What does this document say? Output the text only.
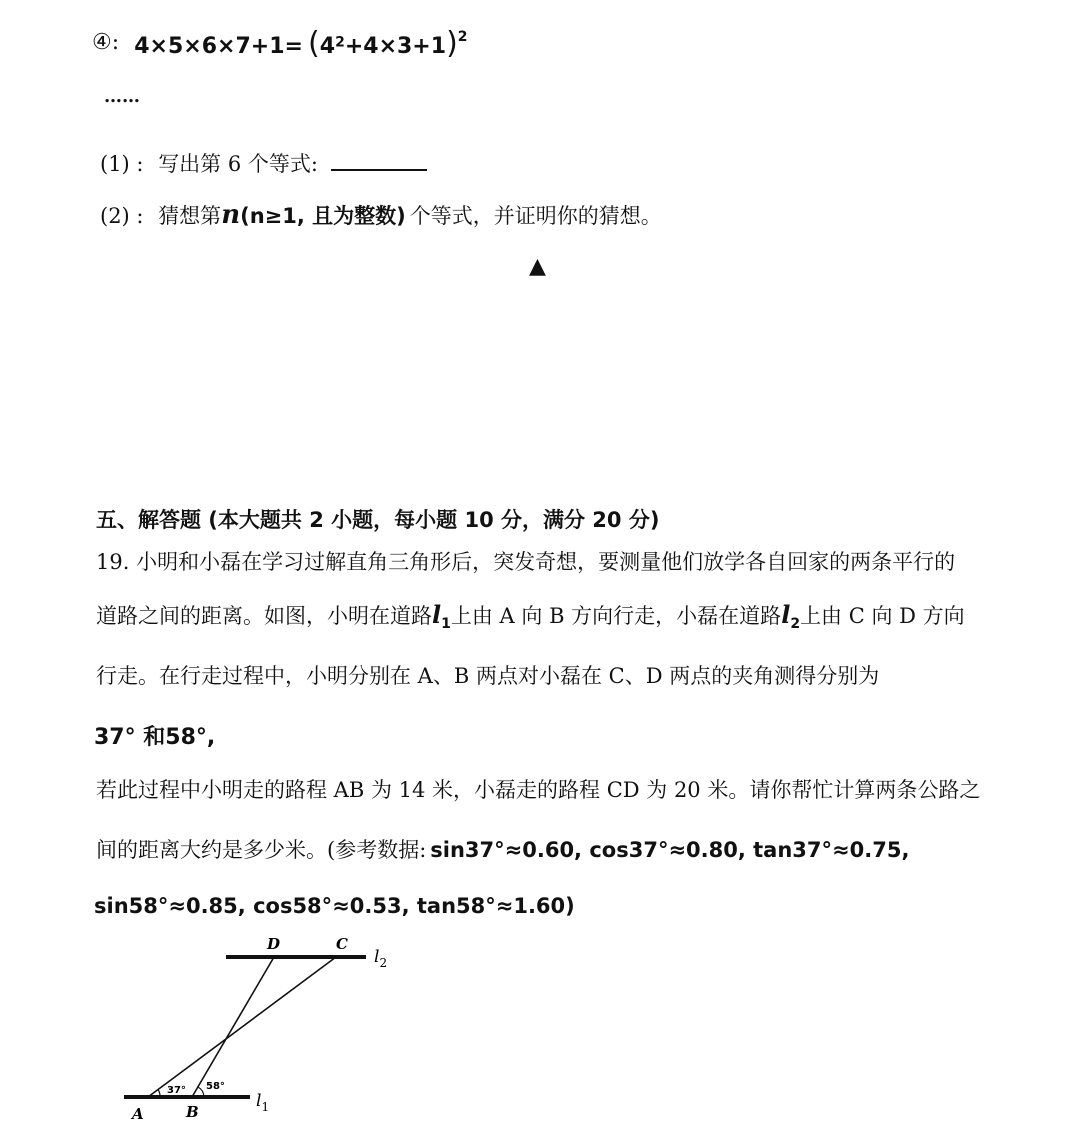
④: $4\times 5\times 6\times 7+1= (4^2+4\times 3+1)^2$
……
(1) : 写出第 6 个等式:
(2) : 猜想第n(n≥1, 且为整数) 个等式，并证明你的猜想。
▲
五、解答题 (本大题共 2 小题，每小题 10 分，满分 20 分)
19. 小明和小磊在学习过解直角三角形后，突发奇想，要测量他们放学各自回家的两条平行的
道路之间的距离。如图，小明在道路$l_1$上由 A 向 B 方向行走，小磊在道路$l_2$上由 C 向 D 方向
行走。在行走过程中，小明分别在 A、B 两点对小磊在 C、D 两点的夹角测得分别为
37° 和58°,
若此过程中小明走的路程 AB 为 14 米，小磊走的路程 CD 为 20 米。请你帮忙计算两条公路之
间的距离大约是多少米。(参考数据: sin37°≈0.60, cos37°≈0.80, tan37°≈0.75,
sin58°≈0.85, cos58°≈0.53, tan58°≈1.60)
D	C
$l_2$
$l_1$
37° 58°
A	B
